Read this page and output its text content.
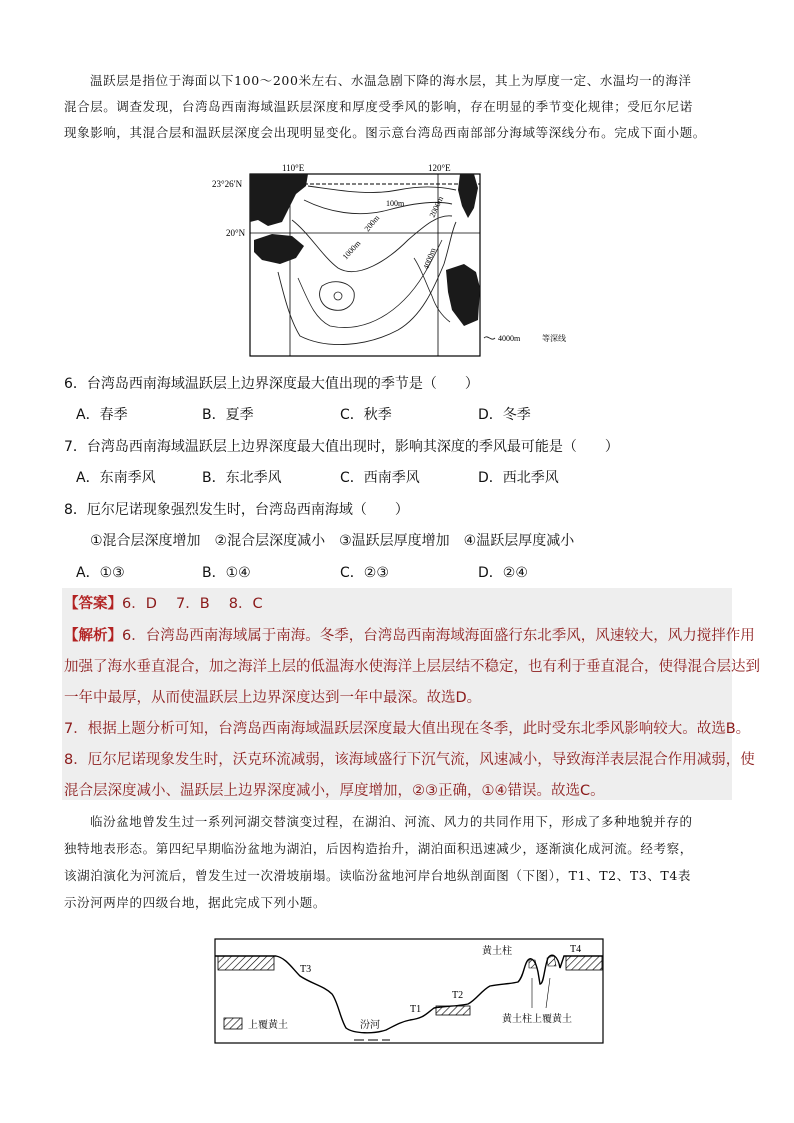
温跃层是指位于海面以下100～200米左右、水温急剧下降的海水层，其上为厚度一定、水温均一的海洋
混合层。调查发现，台湾岛西南海域温跃层深度和厚度受季风的影响，存在明显的季节变化规律；受厄尔尼诺
现象影响，其混合层和温跃层深度会出现明显变化。图示意台湾岛西南部部分海域等深线分布。完成下面小题。
110°E	120°E
23°26′N
20°N
100m
200m
1000m
2000m
4000m
4000m	等深线
6．台湾岛西南海域温跃层上边界深度最大值出现的季节是（　　）
A．春季	B．夏季	C．秋季	D．冬季
7．台湾岛西南海域温跃层上边界深度最大值出现时，影响其深度的季风最可能是（　　）
A．东南季风	B．东北季风	C．西南季风	D．西北季风
8．厄尔尼诺现象强烈发生时，台湾岛西南海域（　　）
①混合层深度增加　②混合层深度减小　③温跃层厚度增加　④温跃层厚度减小
A．①③	B．①④	C．②③	D．②④
【答案】6．D　 7．B　 8．C
【解析】6．台湾岛西南海域属于南海。冬季，台湾岛西南海域海面盛行东北季风，风速较大，风力搅拌作用
加强了海水垂直混合，加之海洋上层的低温海水使海洋上层层结不稳定，也有利于垂直混合，使得混合层达到
一年中最厚，从而使温跃层上边界深度达到一年中最深。故选D。
7．根据上题分析可知，台湾岛西南海域温跃层深度最大值出现在冬季，此时受东北季风影响较大。故选B。
8．厄尔尼诺现象发生时，沃克环流减弱，该海域盛行下沉气流，风速减小，导致海洋表层混合作用减弱，使
混合层深度减小、温跃层上边界深度减小，厚度增加，②③正确，①④错误。故选C。
临汾盆地曾发生过一系列河湖交替演变过程，在湖泊、河流、风力的共同作用下，形成了多种地貌并存的
独特地表形态。第四纪早期临汾盆地为湖泊，后因构造抬升，湖泊面积迅速减少，逐渐演化成河流。经考察，
该湖泊演化为河流后，曾发生过一次滑坡崩塌。读临汾盆地河岸台地纵剖面图（下图），T1、T2、T3、T4表
示汾河两岸的四级台地，据此完成下列小题。
T3
T1
T2
T4
汾河
黄土柱
黄土柱上覆黄土
上覆黄土
